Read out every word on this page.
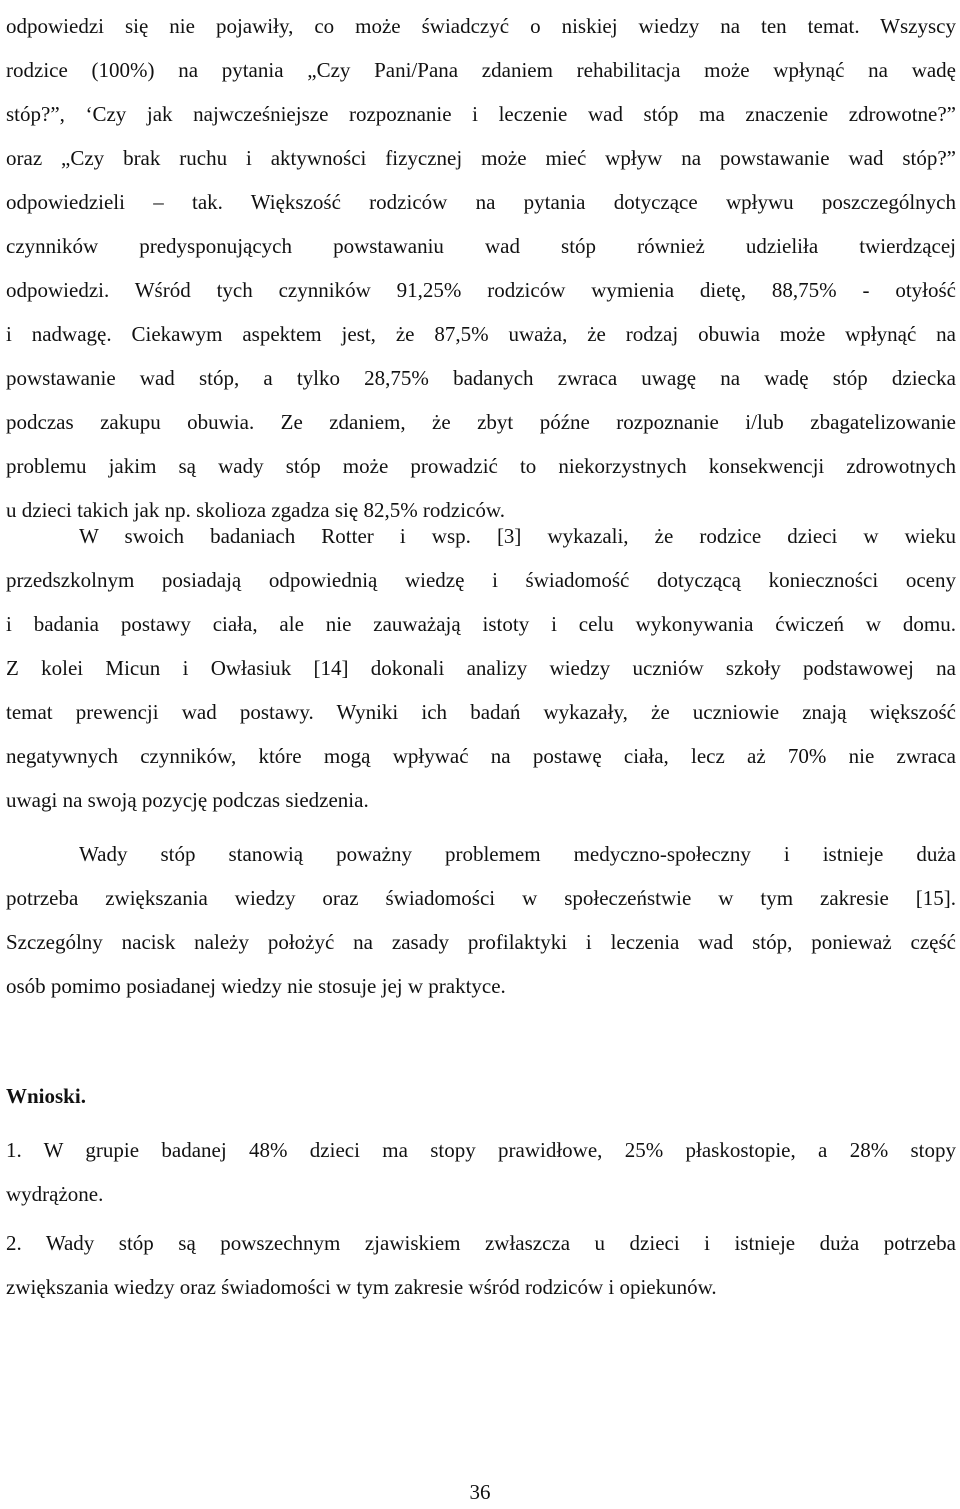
odpowiedzi się nie pojawiły, co może świadczyć o niskiej wiedzy na ten temat. Wszyscy
rodzice (100%) na pytania „Czy Pani/Pana zdaniem rehabilitacja może wpłynąć na wadę
stóp?”, ‘Czy jak najwcześniejsze rozpoznanie i leczenie wad stóp ma znaczenie zdrowotne?”
oraz „Czy brak ruchu i aktywności fizycznej może mieć wpływ na powstawanie wad stóp?”
odpowiedzieli – tak. Większość rodziców na pytania dotyczące wpływu poszczególnych
czynników predysponujących powstawaniu wad stóp również udzieliła twierdzącej
odpowiedzi. Wśród tych czynników 91,25% rodziców wymienia dietę, 88,75% - otyłość
i nadwagę. Ciekawym aspektem jest, że 87,5% uważa, że rodzaj obuwia może wpłynąć na
powstawanie wad stóp, a tylko 28,75% badanych zwraca uwagę na wadę stóp dziecka
podczas zakupu obuwia. Ze zdaniem, że zbyt późne rozpoznanie i/lub zbagatelizowanie
problemu jakim są wady stóp może prowadzić to niekorzystnych konsekwencji zdrowotnych
u dzieci takich jak np. skolioza zgadza się 82,5% rodziców.
W swoich badaniach Rotter i wsp. [3] wykazali, że rodzice dzieci w wieku
przedszkolnym posiadają odpowiednią wiedzę i świadomość dotyczącą konieczności oceny
i badania postawy ciała, ale nie zauważają istoty i celu wykonywania ćwiczeń w domu.
Z kolei Micun i Owłasiuk [14] dokonali analizy wiedzy uczniów szkoły podstawowej na
temat prewencji wad postawy. Wyniki ich badań wykazały, że uczniowie znają większość
negatywnych czynników, które mogą wpływać na postawę ciała, lecz aż 70% nie zwraca
uwagi na swoją pozycję podczas siedzenia.
Wady stóp stanowią poważny problemem medyczno-społeczny i istnieje duża
potrzeba zwiększania wiedzy oraz świadomości w społeczeństwie w tym zakresie [15].
Szczególny nacisk należy położyć na zasady profilaktyki i leczenia wad stóp, ponieważ część
osób pomimo posiadanej wiedzy nie stosuje jej w praktyce.
Wnioski.
1. W grupie badanej 48% dzieci ma stopy prawidłowe, 25% płaskostopie, a 28% stopy
wydrążone.
2. Wady stóp są powszechnym zjawiskiem zwłaszcza u dzieci i istnieje duża potrzeba
zwiększania wiedzy oraz świadomości w tym zakresie wśród rodziców i opiekunów.
36
